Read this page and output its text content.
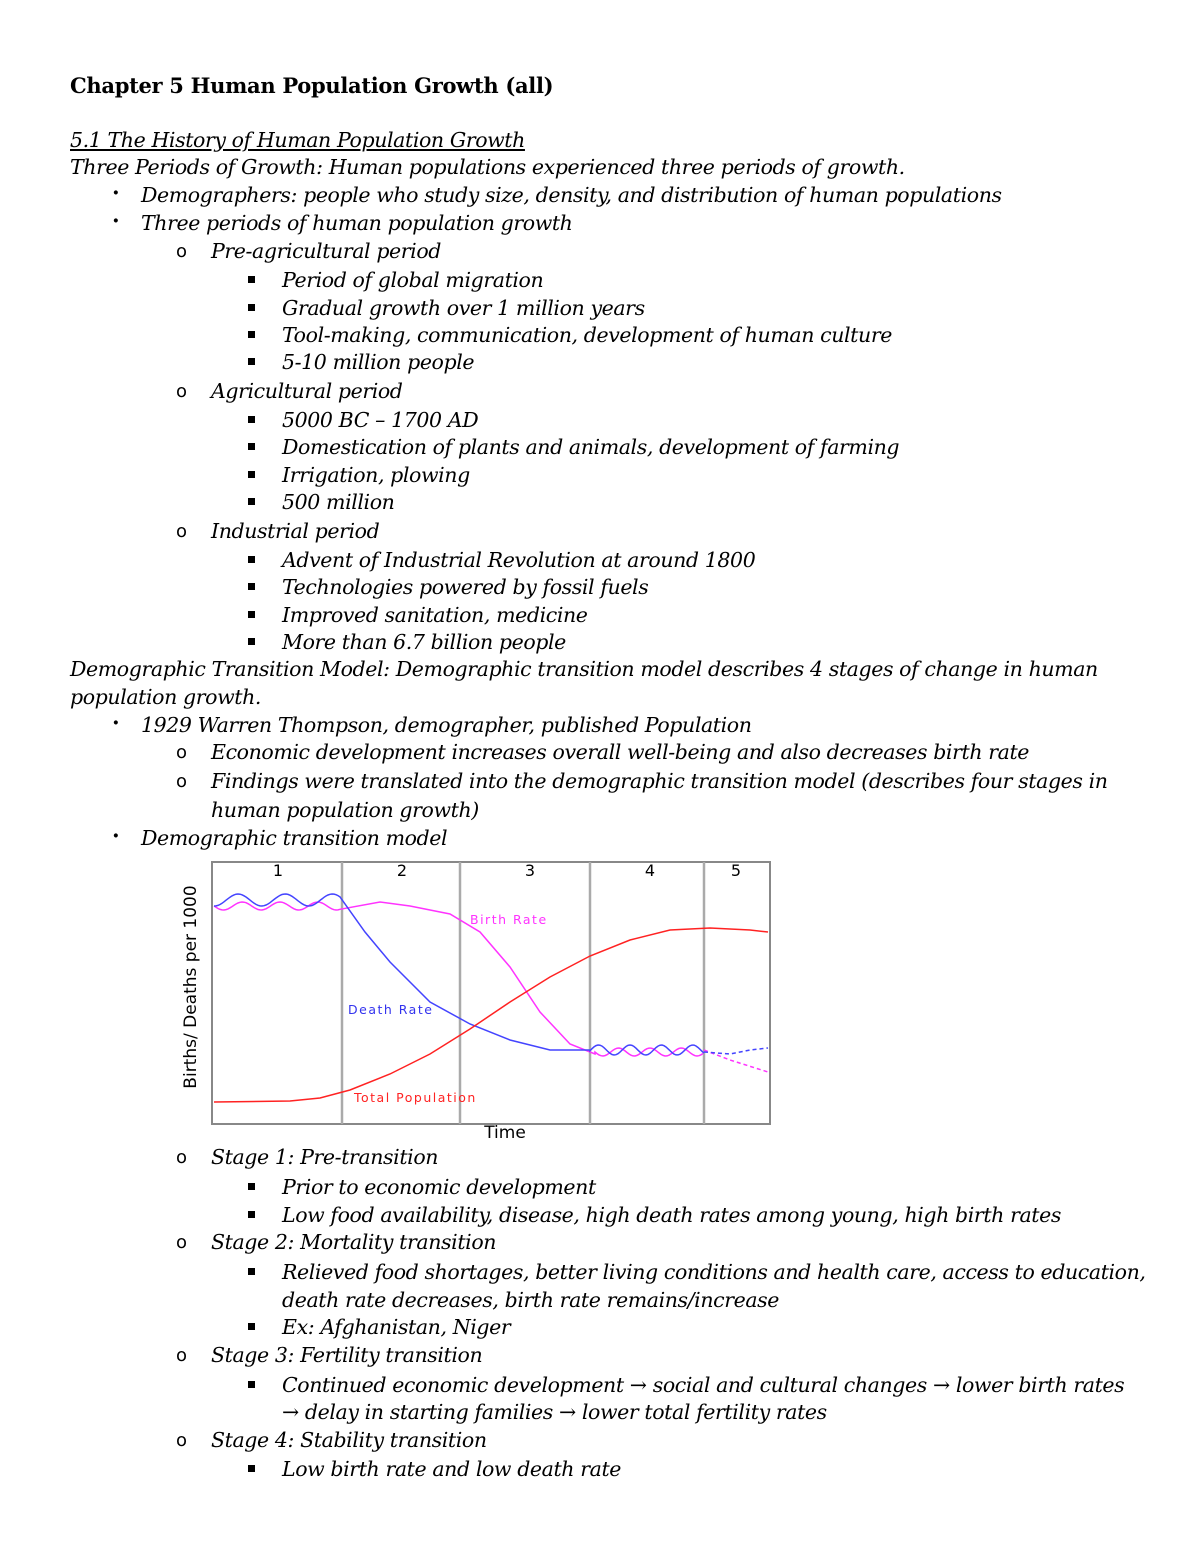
Chapter 5 Human Population Growth (all)
5.1 The History of Human Population Growth
Three Periods of Growth: Human populations experienced three periods of growth.
· Demographers: people who study size, density, and distribution of human populations
· Three periods of human population growth
o Pre-agricultural period
Period of global migration
Gradual growth over 1 million years
Tool-making, communication, development of human culture
5-10 million people
o Agricultural period
5000 BC – 1700 AD
Domestication of plants and animals, development of farming
Irrigation, plowing
500 million
o Industrial period
Advent of Industrial Revolution at around 1800
Technologies powered by fossil fuels
Improved sanitation, medicine
More than 6.7 billion people
Demographic Transition Model: Demographic transition model describes 4 stages of change in human
population growth.
· 1929 Warren Thompson, demographer, published Population
o Economic development increases overall well-being and also decreases birth rate
o Findings were translated into the demographic transition model (describes four stages in
human population growth)
· Demographic transition model
1	2	3	4	5
Birth Rate
Death Rate
Total Population
Time
Births/ Deaths per 1000
o Stage 1: Pre-transition
Prior to economic development
Low food availability, disease, high death rates among young, high birth rates
o Stage 2: Mortality transition
Relieved food shortages, better living conditions and health care, access to education,
death rate decreases, birth rate remains/increase
Ex: Afghanistan, Niger
o Stage 3: Fertility transition
Continued economic development → social and cultural changes → lower birth rates
→ delay in starting families → lower total fertility rates
o Stage 4: Stability transition
Low birth rate and low death rate
